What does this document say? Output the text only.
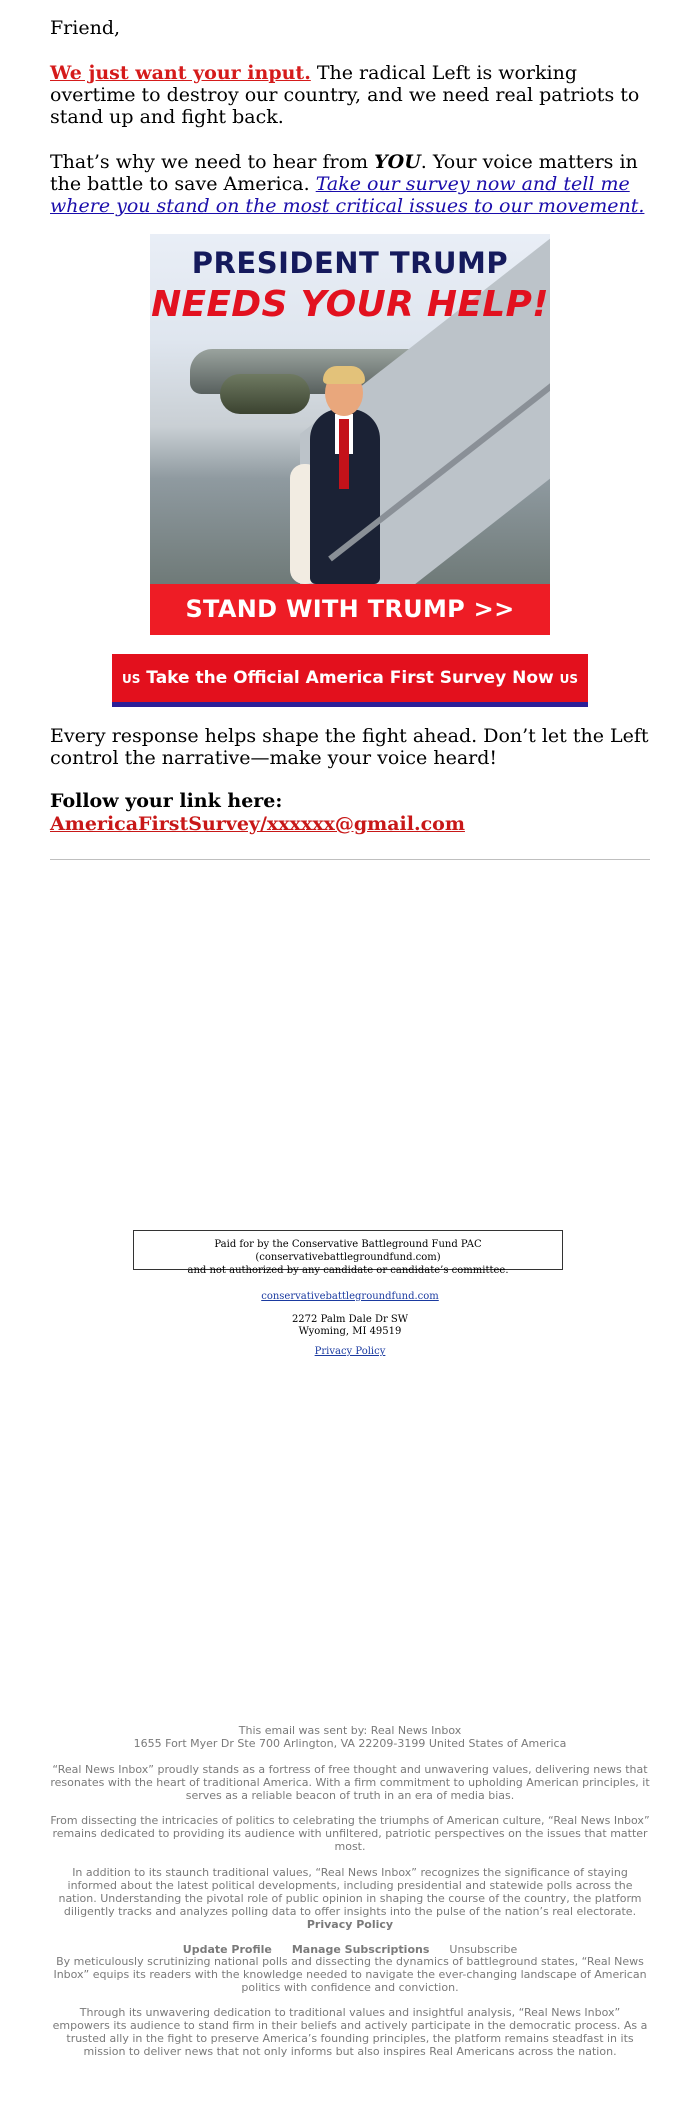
Friend,
We just want your input. The radical Left is working overtime to destroy our country, and we need real patriots to stand up and fight back.
That’s why we need to hear from YOU. Your voice matters in the battle to save America. Take our survey now and tell me where you stand on the most critical issues to our movement.
PRESIDENT TRUMP
NEEDS YOUR HELP!
STAND WITH TRUMP >>
US Take the Official America First Survey Now US
Every response helps shape the fight ahead. Don’t let the Left control the narrative—make your voice heard!
Follow your link here:
AmericaFirstSurvey/xxxxxx@gmail.com
Paid for by the Conservative Battleground Fund PAC (conservativebattlegroundfund.com)
and not authorized by any candidate or candidate’s committee.
conservativebattlegroundfund.com
2272 Palm Dale Dr SW
Wyoming, MI 49519
Privacy Policy
This email was sent by: Real News Inbox
1655 Fort Myer Dr Ste 700 Arlington, VA 22209-3199 United States of America
“Real News Inbox” proudly stands as a fortress of free thought and unwavering values, delivering news that resonates with the heart of traditional America. With a firm commitment to upholding American principles, it serves as a reliable beacon of truth in an era of media bias.
From dissecting the intricacies of politics to celebrating the triumphs of American culture, “Real News Inbox” remains dedicated to providing its audience with unfiltered, patriotic perspectives on the issues that matter most.
In addition to its staunch traditional values, “Real News Inbox” recognizes the significance of staying informed about the latest political developments, including presidential and statewide polls across the nation. Understanding the pivotal role of public opinion in shaping the course of the country, the platform diligently tracks and analyzes polling data to offer insights into the pulse of the nation’s real electorate.
Privacy Policy
Update Profile Manage Subscriptions Unsubscribe
By meticulously scrutinizing national polls and dissecting the dynamics of battleground states, “Real News Inbox” equips its readers with the knowledge needed to navigate the ever-changing landscape of American politics with confidence and conviction.
Through its unwavering dedication to traditional values and insightful analysis, “Real News Inbox” empowers its audience to stand firm in their beliefs and actively participate in the democratic process. As a trusted ally in the fight to preserve America’s founding principles, the platform remains steadfast in its mission to deliver news that not only informs but also inspires Real Americans across the nation.
